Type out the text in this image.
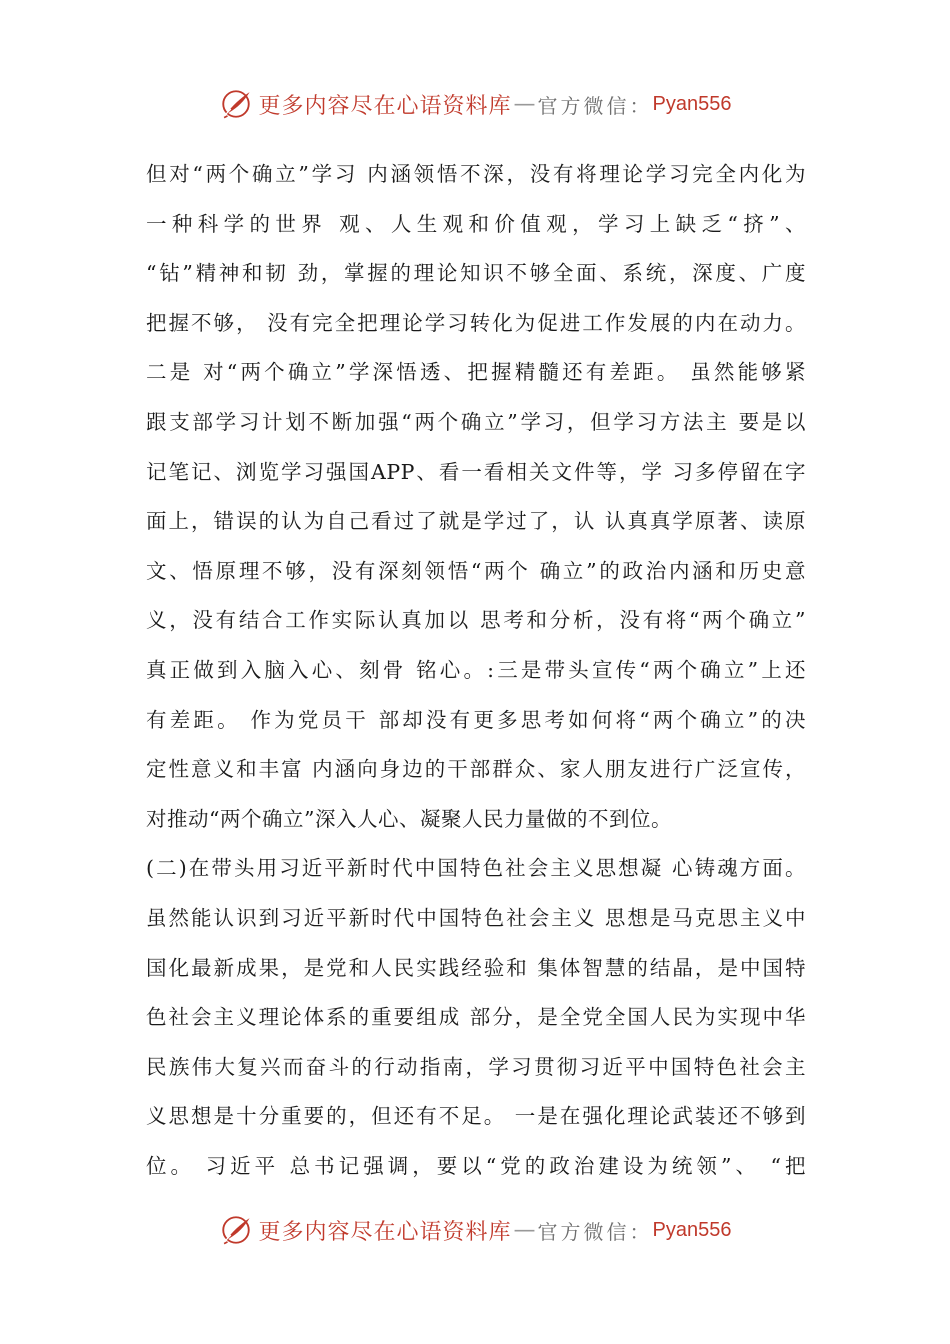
更多内容尽在心语资料库 — 官方微信： Pyan556
但对“两个确立”学习 内涵领悟不深，没有将理论学习完全内化为
一种科学的世界 观、人生观和价值观，学习上缺乏“挤”、
“钻”精神和韧 劲，掌握的理论知识不够全面、系统，深度、广度
把握不够， 没有完全把理论学习转化为促进工作发展的内在动力。
二是 对“两个确立”学深悟透、把握精髓还有差距。 虽然能够紧
跟支部学习计划不断加强“两个确立”学习，但学习方法主 要是以
记笔记、浏览学习强国APP、看一看相关文件等，学 习多停留在字
面上，错误的认为自己看过了就是学过了，认 认真真学原著、读原
文、悟原理不够，没有深刻领悟“两个 确立”的政治内涵和历史意
义，没有结合工作实际认真加以 思考和分析，没有将“两个确立”
真正做到入脑入心、刻骨 铭心。:三是带头宣传“两个确立”上还
有差距。 作为党员干 部却没有更多思考如何将“两个确立”的决
定性意义和丰富 内涵向身边的干部群众、家人朋友进行广泛宣传，
对推动“两个确立”深入人心、凝聚人民力量做的不到位。
(二)在带头用习近平新时代中国特色社会主义思想凝 心铸魂方面。
虽然能认识到习近平新时代中国特色社会主义 思想是马克思主义中
国化最新成果，是党和人民实践经验和 集体智慧的结晶，是中国特
色社会主义理论体系的重要组成 部分，是全党全国人民为实现中华
民族伟大复兴而奋斗的行动指南，学习贯彻习近平中国特色社会主
义思想是十分重要的，但还有不足。 一是在强化理论武装还不够到
位。 习近平 总书记强调，要以“党的政治建设为统领”、 “把
更多内容尽在心语资料库 — 官方微信： Pyan556
